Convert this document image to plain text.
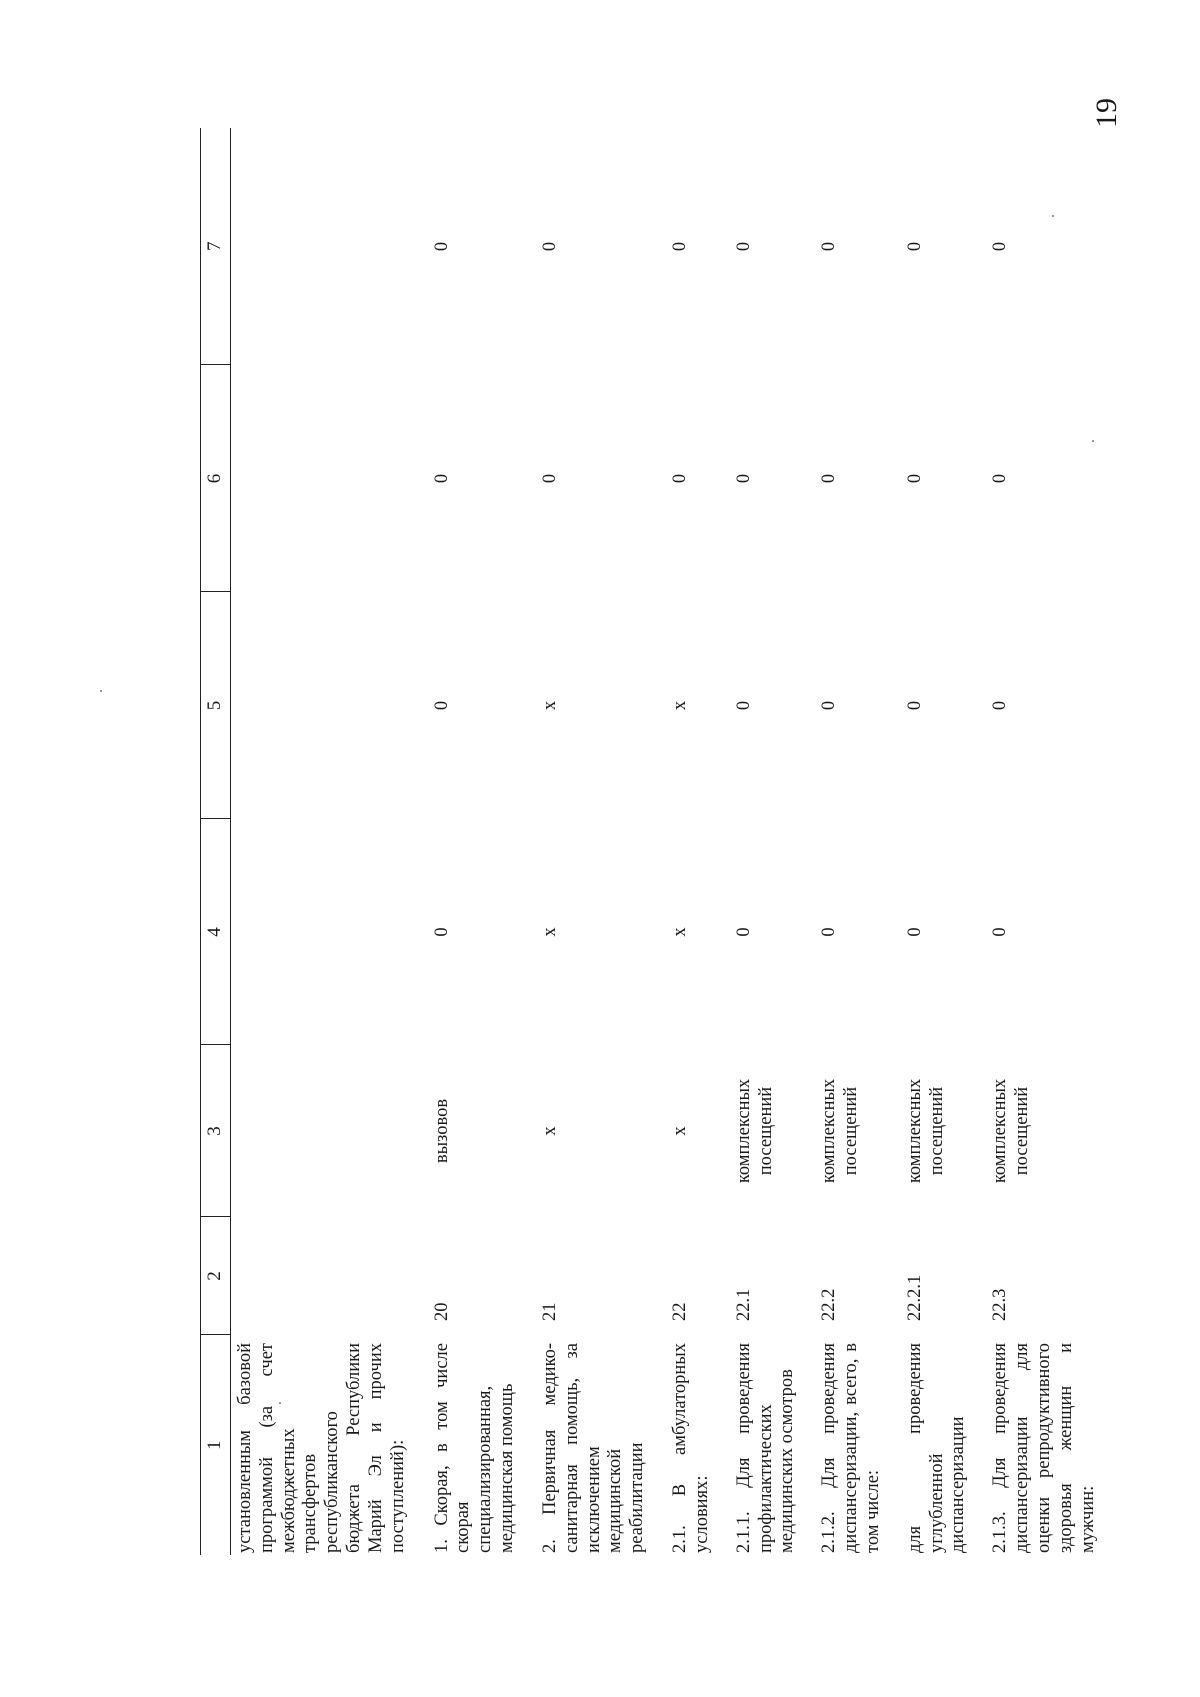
19
1	2	3	4	5	6	7
установленным базовой программой (за счет межбюджетных трансфертов республиканского бюджета Республики Марий Эл и прочих поступлений):						
1. Скорая, в том числе скорая специализированная, медицинская помощь	20	вызовов	0	0	0	0
2. Первичная медико-санитарная помощь, за исключением медицинской реабилитации	21	х	х	х	0	0
2.1. В амбулаторных условиях:	22	х	х	х	0	0
2.1.1. Для проведения профилактических медицинских осмотров	22.1	комплексных посещений	0	0	0	0
2.1.2. Для проведения диспансеризации, всего, в том числе:	22.2	комплексных посещений	0	0	0	0
для проведения углубленной диспансеризации	22.2.1	комплексных посещений	0	0	0	0
2.1.3. Для проведения диспансеризации для оценки репродуктивного здоровья женщин и мужчин:	22.3	комплексных посещений	0	0	0	0
